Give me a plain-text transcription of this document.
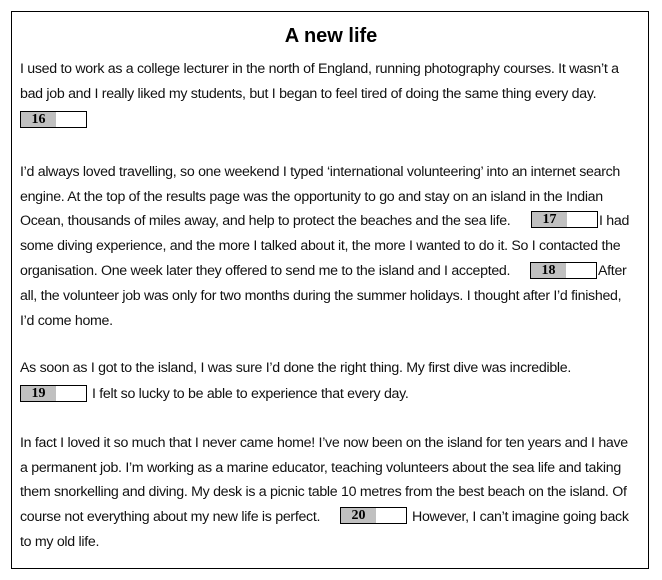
A new life
I used to work as a college lecturer in the north of England, running photography courses. It wasn’t a
bad job and I really liked my students, but I began to feel tired of doing the same thing every day.
16
I’d always loved travelling, so one weekend I typed ‘international volunteering’ into an internet search
engine. At the top of the results page was the opportunity to go and stay on an island in the Indian
Ocean, thousands of miles away, and help to protect the beaches and the sea life.	17	I had
some diving experience, and the more I talked about it, the more I wanted to do it. So I contacted the
organisation. One week later they offered to send me to the island and I accepted.	18	After
all, the volunteer job was only for two months during the summer holidays. I thought after I’d finished,
I’d come home.
As soon as I got to the island, I was sure I’d done the right thing. My first dive was incredible.
19	I felt so lucky to be able to experience that every day.
In fact I loved it so much that I never came home! I’ve now been on the island for ten years and I have
a permanent job. I’m working as a marine educator, teaching volunteers about the sea life and taking
them snorkelling and diving. My desk is a picnic table 10 metres from the best beach on the island. Of
course not everything about my new life is perfect.	20	However, I can’t imagine going back
to my old life.
